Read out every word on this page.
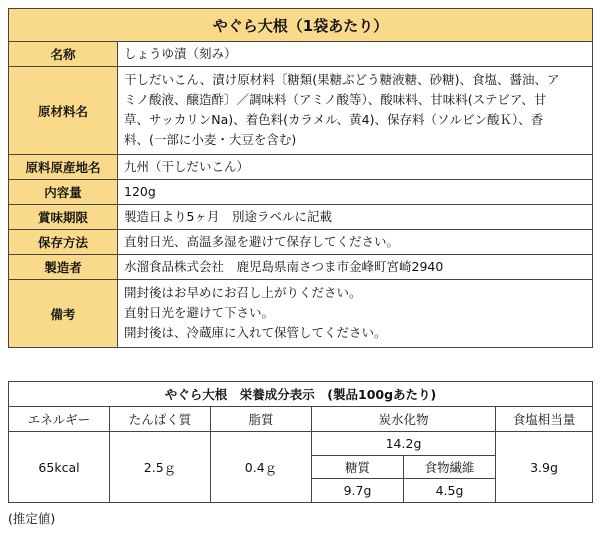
やぐら大根（1袋あたり）	
名称	しょうゆ漬（刻み）

原材料名	干しだいこん、漬け原材料〔糖類(果糖ぶどう糖液糖、砂糖)、食塩、醤油、ア

ミノ酸液、醸造酢〕／調味料（アミノ酸等）、酸味料、甘味料(ステビア、甘

草、サッカリンNa)、着色料(カラメル、黄4)、保存料（ソルビン酸Ｋ）、香

料、(一部に小麦・大豆を含む)

原料原産地名	九州（干しだいこん）

内容量	120g

賞味期限	製造日より5ヶ月　別途ラベルに記載

保存方法	直射日光、高温多湿を避けて保存してください。

製造者	水溜食品株式会社　鹿児島県南さつま市金峰町宮崎2940

備考	開封後はお早めにお召し上がりください。

直射日光を避けて下さい。

開封後は、冷蔵庫に入れて保管してください。

やぐら大根　栄養成分表示　(製品100gあたり)					
エネルギー	たんぱく質	脂質	炭水化物		食塩相当量
65kcal	2.5ｇ	0.4ｇ	14.2g		3.9g
			糖質	食物繊維	
			9.7g	4.5g	
(推定値)
